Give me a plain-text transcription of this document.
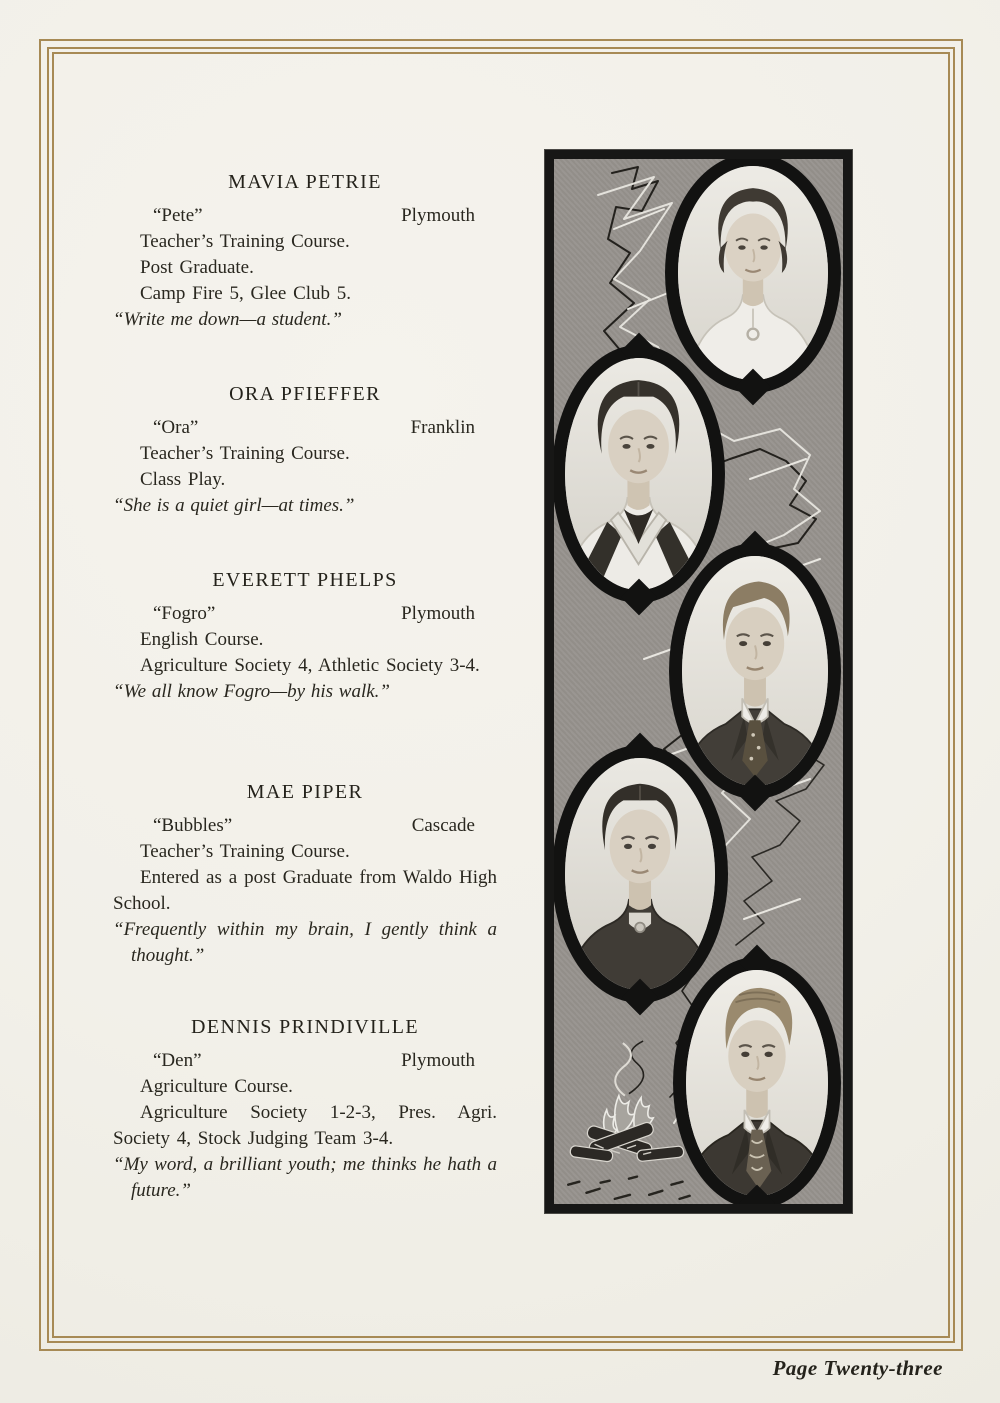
MAVIA PETRIE
“Pete”	Plymouth

Teacher’s Training Course.

Post Graduate.

Camp Fire 5, Glee Club 5.

“Write me down—a student.”

ORA PFIEFFER
“Ora”	Franklin

Teacher’s Training Course.

Class Play.

“She is a quiet girl—at times.”

EVERETT PHELPS
“Fogro”	Plymouth

English Course.

Agriculture Society 4, Athletic Society 3-4.

“We all know Fogro—by his walk.”

MAE PIPER
“Bubbles”	Cascade

Teacher’s Training Course.

Entered as a post Graduate from Waldo High School.

“Frequently within my brain, I gently think a thought.”

DENNIS PRINDIVILLE
“Den”	Plymouth

Agriculture Course.

Agriculture Society 1-2-3, Pres. Agri. Society 4, Stock Judging Team 3-4.

“My word, a brilliant youth; me thinks he hath a future.”

Page Twenty-three
